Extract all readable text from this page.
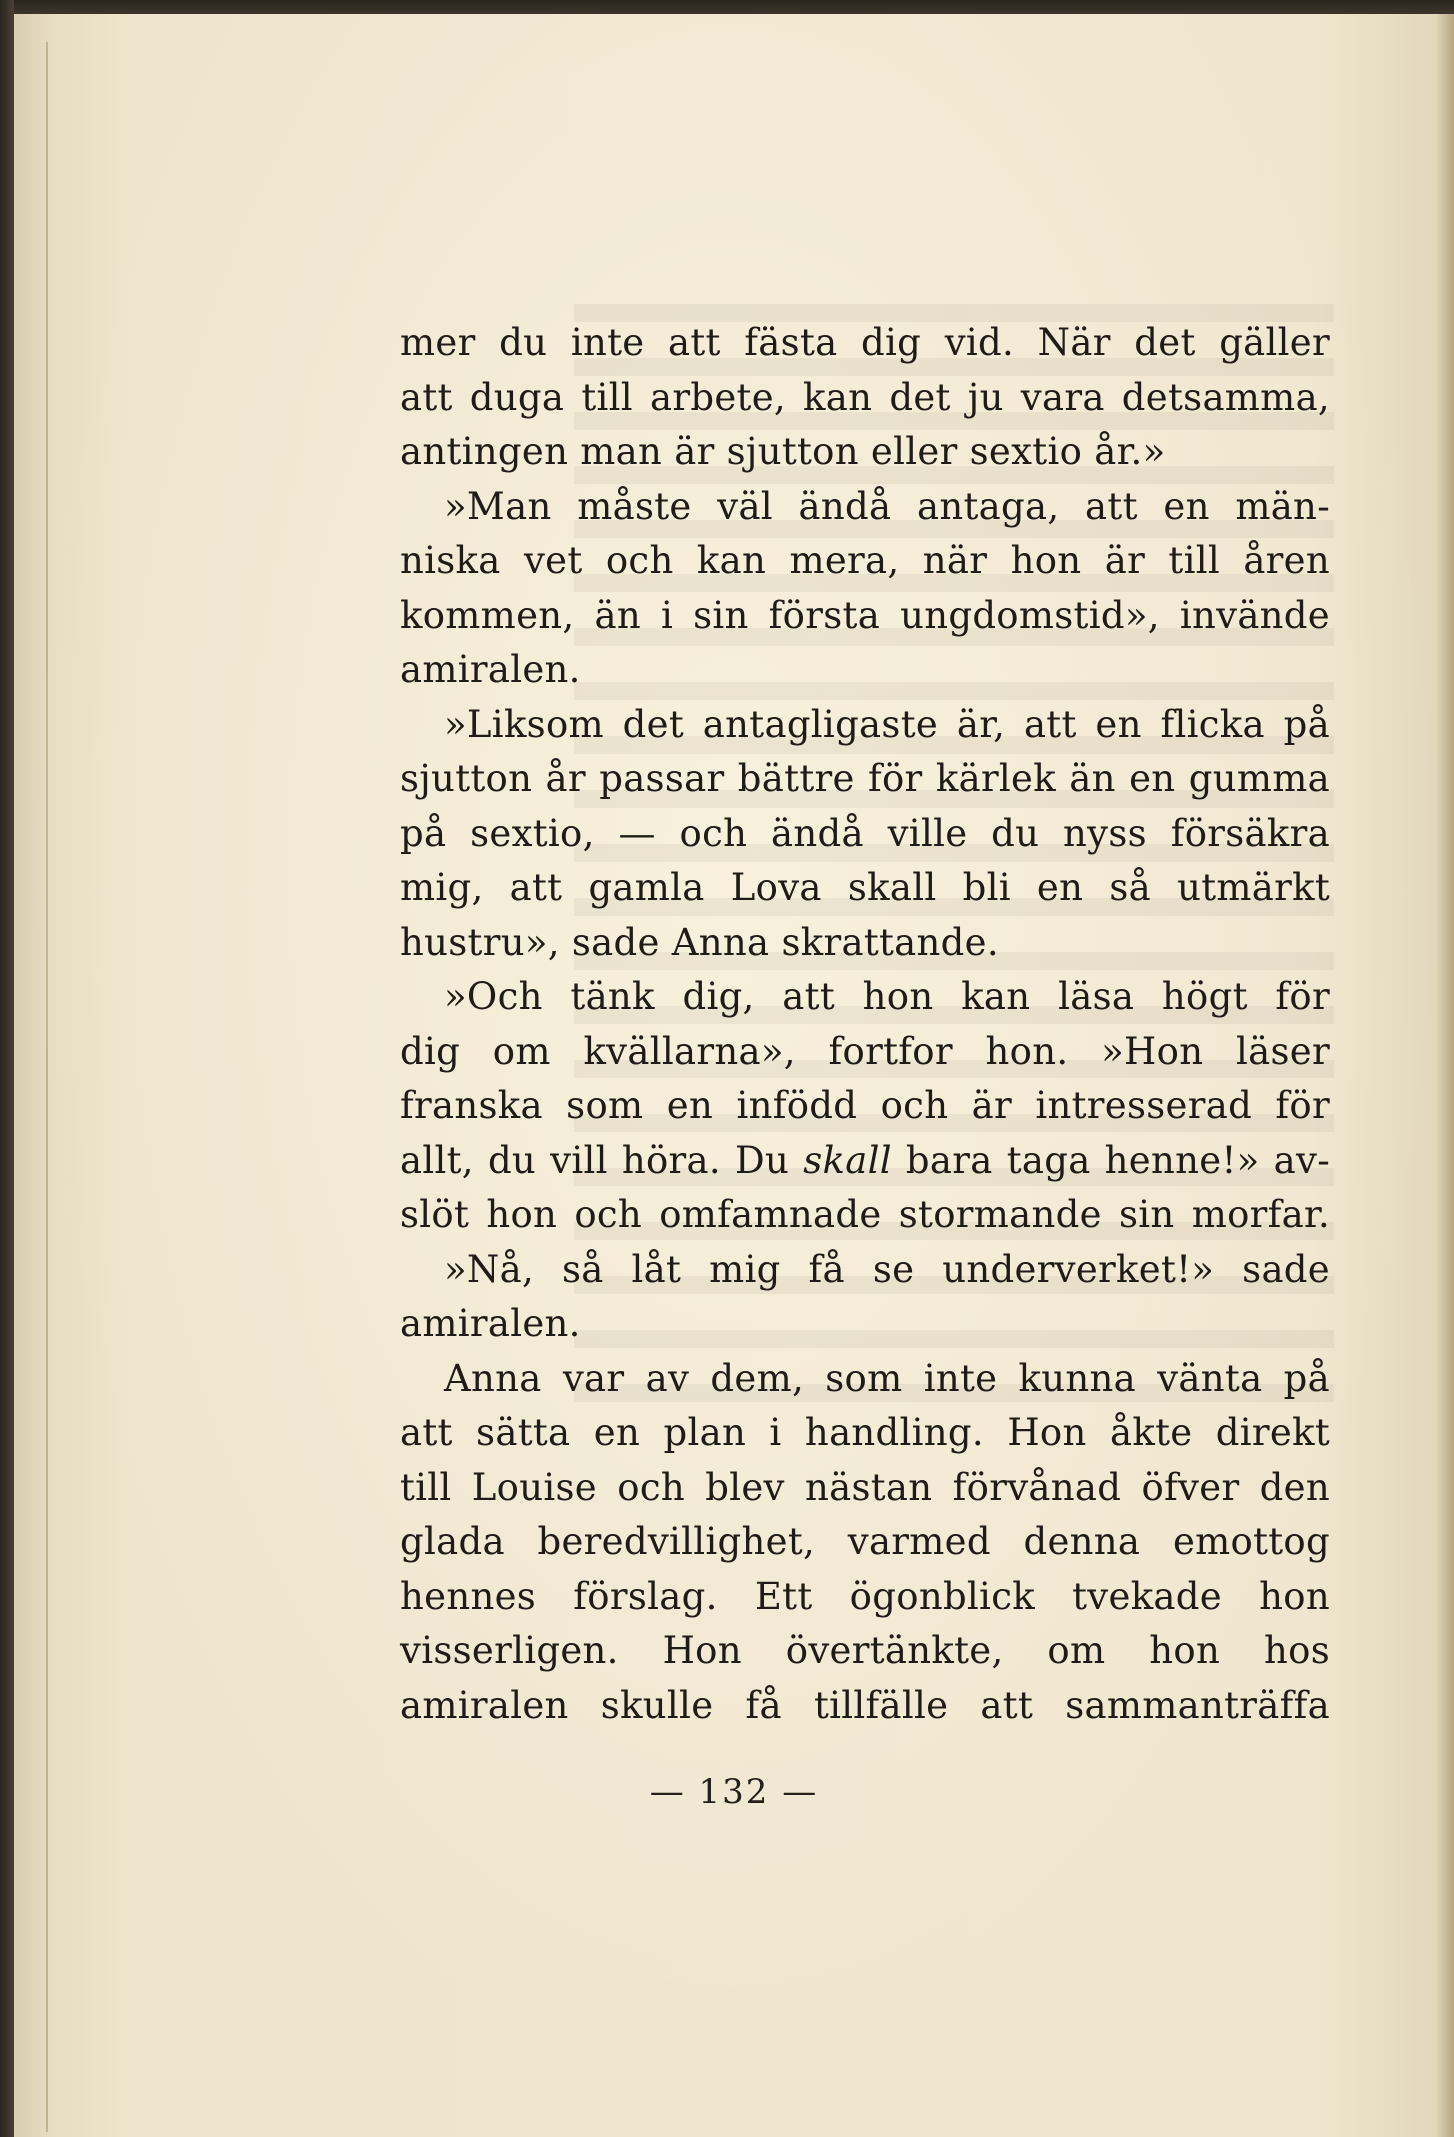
mer du inte att fästa dig vid. När det gäller
att duga till arbete, kan det ju vara detsamma,
antingen man är sjutton eller sextio år.»
»Man måste väl ändå antaga, att en män-
niska vet och kan mera, när hon är till åren
kommen, än i sin första ungdomstid», invände
amiralen.
»Liksom det antagligaste är, att en flicka på
sjutton år passar bättre för kärlek än en gumma
på sextio, — och ändå ville du nyss försäkra
mig, att gamla Lova skall bli en så utmärkt
hustru», sade Anna skrattande.
»Och tänk dig, att hon kan läsa högt för
dig om kvällarna», fortfor hon. »Hon läser
franska som en infödd och är intresserad för
allt, du vill höra. Du skall bara taga henne!» av-
slöt hon och omfamnade stormande sin morfar.
»Nå, så låt mig få se underverket!» sade
amiralen.
Anna var av dem, som inte kunna vänta på
att sätta en plan i handling. Hon åkte direkt
till Louise och blev nästan förvånad öfver den
glada beredvillighet, varmed denna emottog
hennes förslag. Ett ögonblick tvekade hon
visserligen. Hon övertänkte, om hon hos
amiralen skulle få tillfälle att sammanträffa
— 132 —
